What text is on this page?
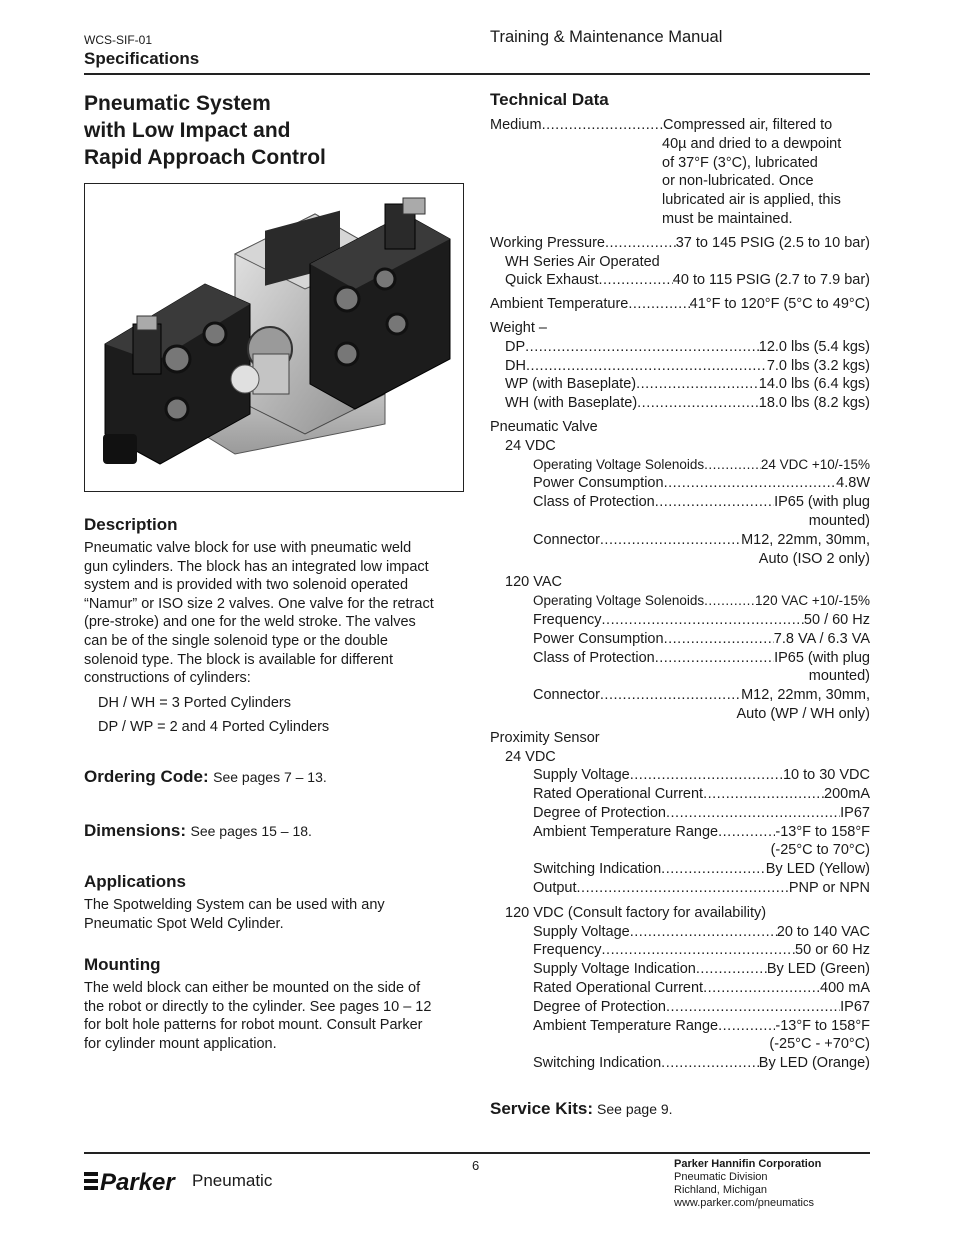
WCS-SIF-01
Specifications
Training & Maintenance Manual
Pneumatic System
with Low Impact and
Rapid Approach Control
Description
Pneumatic valve block for use with pneumatic weld
gun cylinders. The block has an integrated low impact
system and is provided with two solenoid operated
“Namur” or ISO size 2 valves. One valve for the retract
(pre-stroke) and one for the weld stroke. The valves
can be of the single solenoid type or the double
solenoid type. The block is available for different
constructions of cylinders:
DH / WH = 3 Ported Cylinders
DP / WP = 2 and 4 Ported Cylinders
Ordering Code: See pages 7 – 13.
Dimensions: See pages 15 – 18.
Applications
The Spotwelding System can be used with any
Pneumatic Spot Weld Cylinder.
Mounting
The weld block can either be mounted on the side of
the robot or directly to the cylinder. See pages 10 – 12
for bolt hole patterns for robot mount. Consult Parker
for cylinder mount application.
Technical Data
Medium .....	Compressed air, filtered to
40µ and dried to a dewpoint
of 37°F (3°C), lubricated
or non-lubricated. Once
lubricated air is applied, this
must be maintained.
Working Pressure .....	37 to 145 PSIG (2.5 to 10 bar)
WH Series Air Operated
Quick Exhaust .....	40 to 115 PSIG (2.7 to 7.9 bar)
Ambient Temperature .....	41°F to 120°F (5°C to 49°C)
Weight –
DP .....	12.0 lbs (5.4 kgs)
DH .....	7.0 lbs (3.2 kgs)
WP (with Baseplate) .....	14.0 lbs (6.4 kgs)
WH (with Baseplate) .....	18.0 lbs (8.2 kgs)
Pneumatic Valve
24 VDC
Operating Voltage Solenoids .....	24 VDC +10/-15%
Power Consumption .....	4.8W
Class of Protection .....	IP65 (with plug
mounted)
Connector .....	M12, 22mm, 30mm,
Auto (ISO 2 only)
120 VAC
Operating Voltage Solenoids .....	120 VAC +10/-15%
Frequency .....	50 / 60 Hz
Power Consumption .....	7.8 VA / 6.3 VA
Class of Protection .....	IP65 (with plug
mounted)
Connector .....	M12, 22mm, 30mm,
Auto (WP / WH only)
Proximity Sensor
24 VDC
Supply Voltage .....	10 to 30 VDC
Rated Operational Current .....	200mA
Degree of Protection .....	IP67
Ambient Temperature Range .....	-13°F to 158°F
(-25°C to 70°C)
Switching Indication .....	By LED (Yellow)
Output .....	PNP or NPN
120 VDC (Consult factory for availability)
Supply Voltage .....	20 to 140 VAC
Frequency .....	50 or 60 Hz
Supply Voltage Indication .....	By LED (Green)
Rated Operational Current .....	400 mA
Degree of Protection .....	IP67
Ambient Temperature Range .....	-13°F to 158°F
(-25°C - +70°C)
Switching Indication .....	By LED (Orange)
Service Kits: See page 9.
Parker Pneumatic
6	Parker Hannifin Corporation
Pneumatic Division
Richland, Michigan
www.parker.com/pneumatics
